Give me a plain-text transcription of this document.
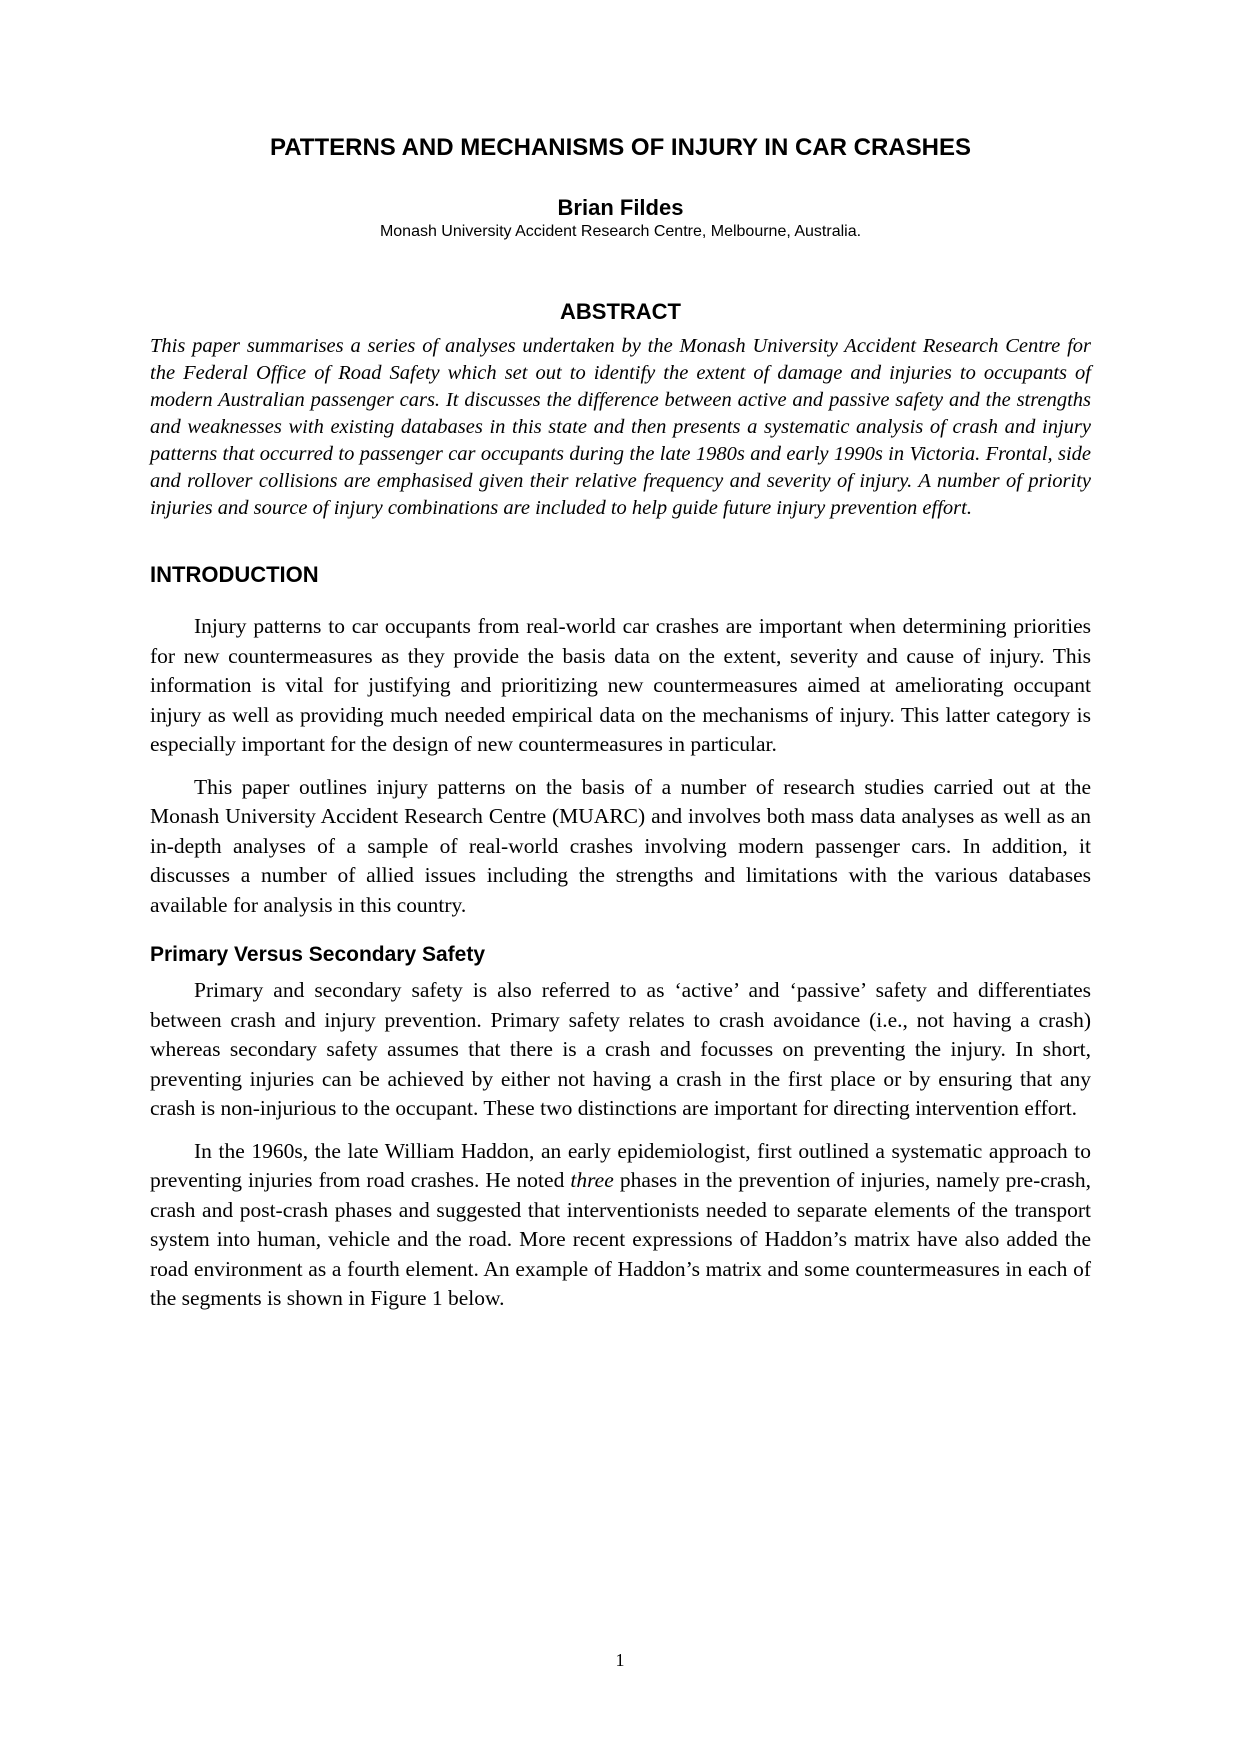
PATTERNS AND MECHANISMS OF INJURY IN CAR CRASHES
Brian Fildes
Monash University Accident Research Centre, Melbourne, Australia.
ABSTRACT

This paper summarises a series of analyses undertaken by the Monash University Accident Research Centre for the Federal Office of Road Safety which set out to identify the extent of damage and injuries to occupants of modern Australian passenger cars. It discusses the difference between active and passive safety and the strengths and weaknesses with existing databases in this state and then presents a systematic analysis of crash and injury patterns that occurred to passenger car occupants during the late 1980s and early 1990s in Victoria. Frontal, side and rollover collisions are emphasised given their relative frequency and severity of injury. A number of priority injuries and source of injury combinations are included to help guide future injury prevention effort.

INTRODUCTION

Injury patterns to car occupants from real-world car crashes are important when determining priorities for new countermeasures as they provide the basis data on the extent, severity and cause of injury. This information is vital for justifying and prioritizing new countermeasures aimed at ameliorating occupant injury as well as providing much needed empirical data on the mechanisms of injury. This latter category is especially important for the design of new countermeasures in particular.

This paper outlines injury patterns on the basis of a number of research studies carried out at the Monash University Accident Research Centre (MUARC) and involves both mass data analyses as well as an in-depth analyses of a sample of real-world crashes involving modern passenger cars. In addition, it discusses a number of allied issues including the strengths and limitations with the various databases available for analysis in this country.

Primary Versus Secondary Safety

Primary and secondary safety is also referred to as ‘active’ and ‘passive’ safety and differentiates between crash and injury prevention. Primary safety relates to crash avoidance (i.e., not having a crash) whereas secondary safety assumes that there is a crash and focusses on preventing the injury. In short, preventing injuries can be achieved by either not having a crash in the first place or by ensuring that any crash is non-injurious to the occupant. These two distinctions are important for directing intervention effort.

In the 1960s, the late William Haddon, an early epidemiologist, first outlined a systematic approach to preventing injuries from road crashes. He noted three phases in the prevention of injuries, namely pre-crash, crash and post-crash phases and suggested that interventionists needed to separate elements of the transport system into human, vehicle and the road. More recent expressions of Haddon’s matrix have also added the road environment as a fourth element. An example of Haddon’s matrix and some countermeasures in each of the segments is shown in Figure 1 below.

1
